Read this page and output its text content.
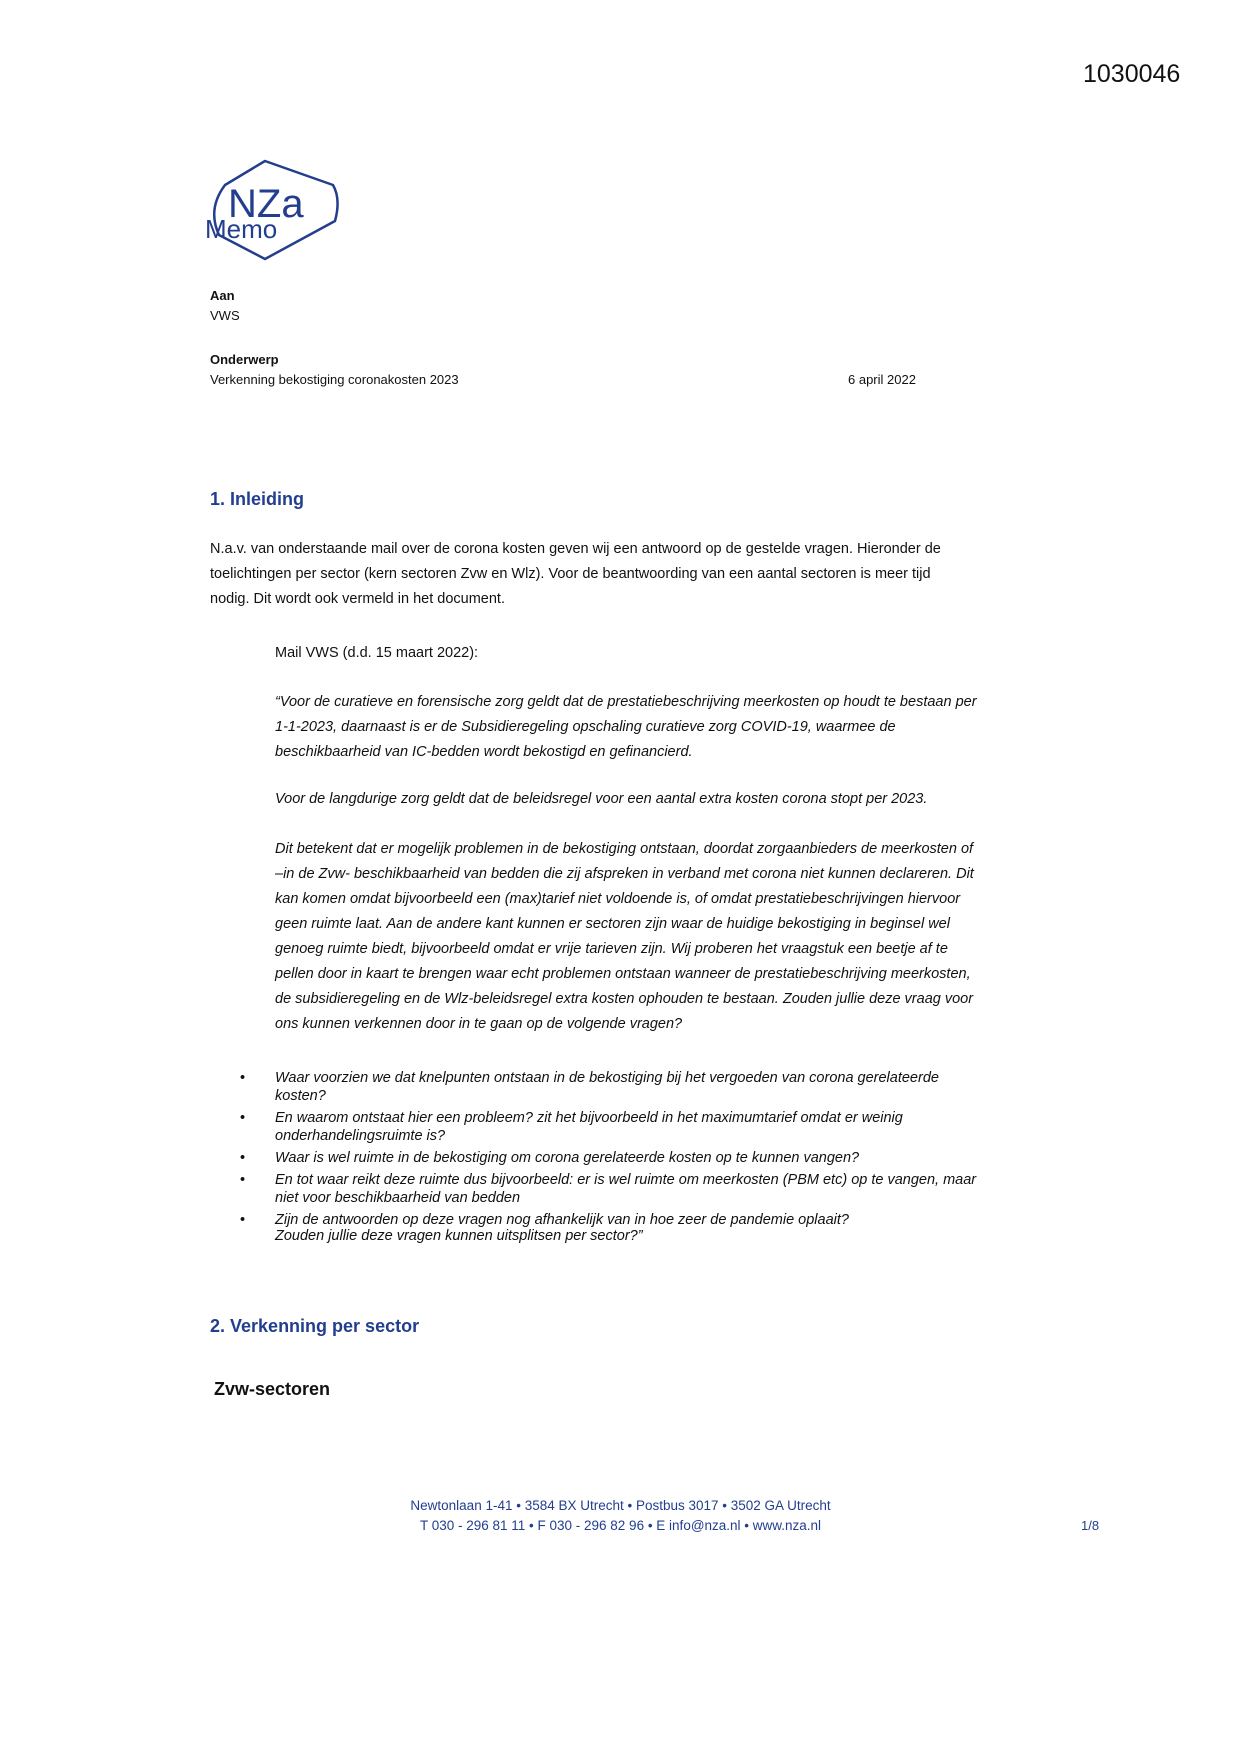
1030046
NZa
Memo
Aan
VWS
Onderwerp
Verkenning bekostiging coronakosten 2023	6 april 2022
1. Inleiding

N.a.v. van onderstaande mail over de corona kosten geven wij een antwoord op de gestelde vragen. Hieronder de
toelichtingen per sector (kern sectoren Zvw en Wlz). Voor de beantwoording van een aantal sectoren is meer tijd
nodig. Dit wordt ook vermeld in het document.

Mail VWS (d.d. 15 maart 2022):

“Voor de curatieve en forensische zorg geldt dat de prestatiebeschrijving meerkosten op houdt te bestaan per
1-1-2023, daarnaast is er de Subsidieregeling opschaling curatieve zorg COVID-19, waarmee de
beschikbaarheid van IC-bedden wordt bekostigd en gefinancierd.

Voor de langdurige zorg geldt dat de beleidsregel voor een aantal extra kosten corona stopt per 2023.

Dit betekent dat er mogelijk problemen in de bekostiging ontstaan, doordat zorgaanbieders de meerkosten of
–in de Zvw- beschikbaarheid van bedden die zij afspreken in verband met corona niet kunnen declareren. Dit
kan komen omdat bijvoorbeeld een (max)tarief niet voldoende is, of omdat prestatiebeschrijvingen hiervoor
geen ruimte laat. Aan de andere kant kunnen er sectoren zijn waar de huidige bekostiging in beginsel wel
genoeg ruimte biedt, bijvoorbeeld omdat er vrije tarieven zijn. Wij proberen het vraagstuk een beetje af te
pellen door in kaart te brengen waar echt problemen ontstaan wanneer de prestatiebeschrijving meerkosten,
de subsidieregeling en de Wlz-beleidsregel extra kosten ophouden te bestaan. Zouden jullie deze vraag voor
ons kunnen verkennen door in te gaan op de volgende vragen?

• Waar voorzien we dat knelpunten ontstaan in de bekostiging bij het vergoeden van corona gerelateerde
kosten?
• En waarom ontstaat hier een probleem? zit het bijvoorbeeld in het maximumtarief omdat er weinig
onderhandelingsruimte is?
• Waar is wel ruimte in de bekostiging om corona gerelateerde kosten op te kunnen vangen?
• En tot waar reikt deze ruimte dus bijvoorbeeld: er is wel ruimte om meerkosten (PBM etc) op te vangen, maar
niet voor beschikbaarheid van bedden
• Zijn de antwoorden op deze vragen nog afhankelijk van in hoe zeer de pandemie oplaait?

Zouden jullie deze vragen kunnen uitsplitsen per sector?”

2. Verkenning per sector
Zvw-sectoren
Newtonlaan 1-41 • 3584 BX Utrecht • Postbus 3017 • 3502 GA Utrecht
T 030 - 296 81 11 • F 030 - 296 82 96 • E info@nza.nl • www.nza.nl	1/8
